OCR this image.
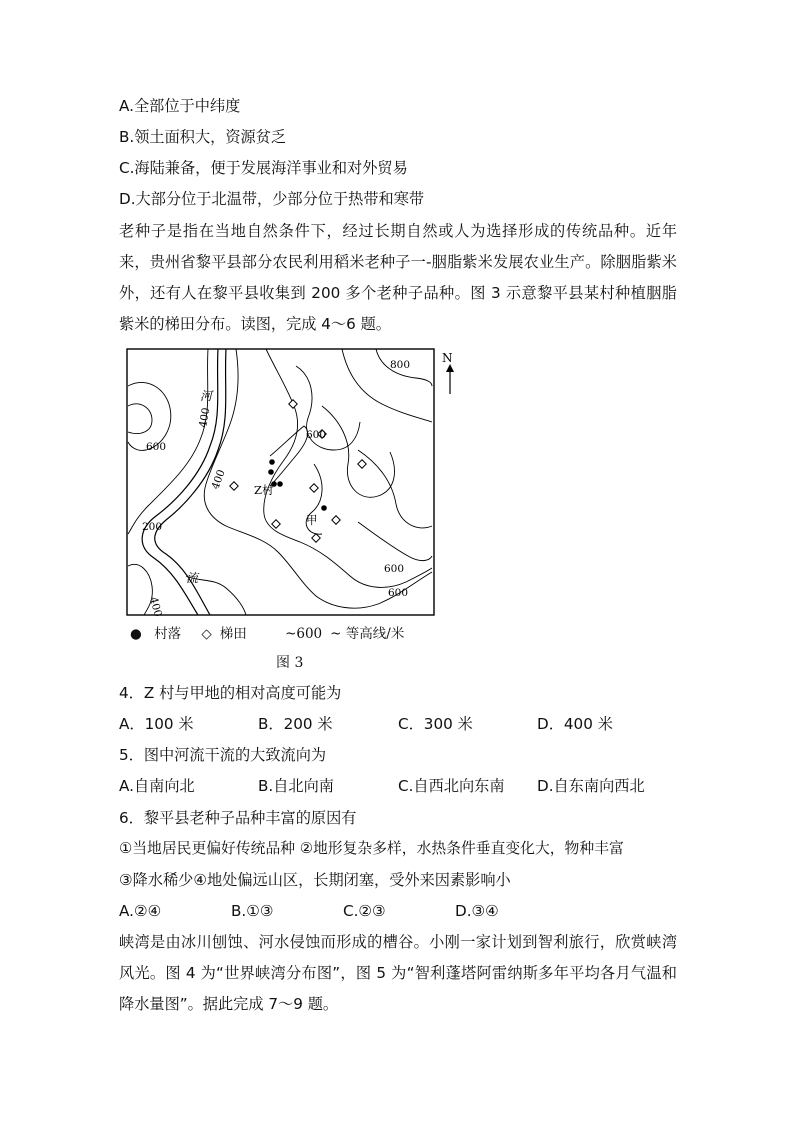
A.全部位于中纬度
B.领土面积大，资源贫乏
C.海陆兼备，便于发展海洋事业和对外贸易
D.大部分位于北温带，少部分位于热带和寒带
老种子是指在当地自然条件下，经过长期自然或人为选择形成的传统品种。近年来，贵州省黎平县部分农民利用稻米老种子一-胭脂紫米发展农业生产。除胭脂紫米外，还有人在黎平县收集到 200 多个老种子品种。图 3 示意黎平县某村种植胭脂紫米的梯田分布。读图，完成 4～6 题。
N
800
600
400
600
400
200
400
600
600
河
流
Z村
甲
● 村落 ◇ 梯田	~600 ~ 等高线/米
图 3
4．Z 村与甲地的相对高度可能为
A．100 米	B．200 米	C．300 米	D．400 米
5．图中河流干流的大致流向为
A.自南向北	B.自北向南	C.自西北向东南 D.自东南向西北
6．黎平县老种子品种丰富的原因有
①当地居民更偏好传统品种 ②地形复杂多样，水热条件垂直变化大，物种丰富
③降水稀少④地处偏远山区，长期闭塞，受外来因素影响小
A.②④	B.①③	C.②③	D.③④
峡湾是由冰川刨蚀、河水侵蚀而形成的槽谷。小刚一家计划到智利旅行，欣赏峡湾风光。图 4 为“世界峡湾分布图”，图 5 为“智利蓬塔阿雷纳斯多年平均各月气温和降水量图”。据此完成 7～9 题。
